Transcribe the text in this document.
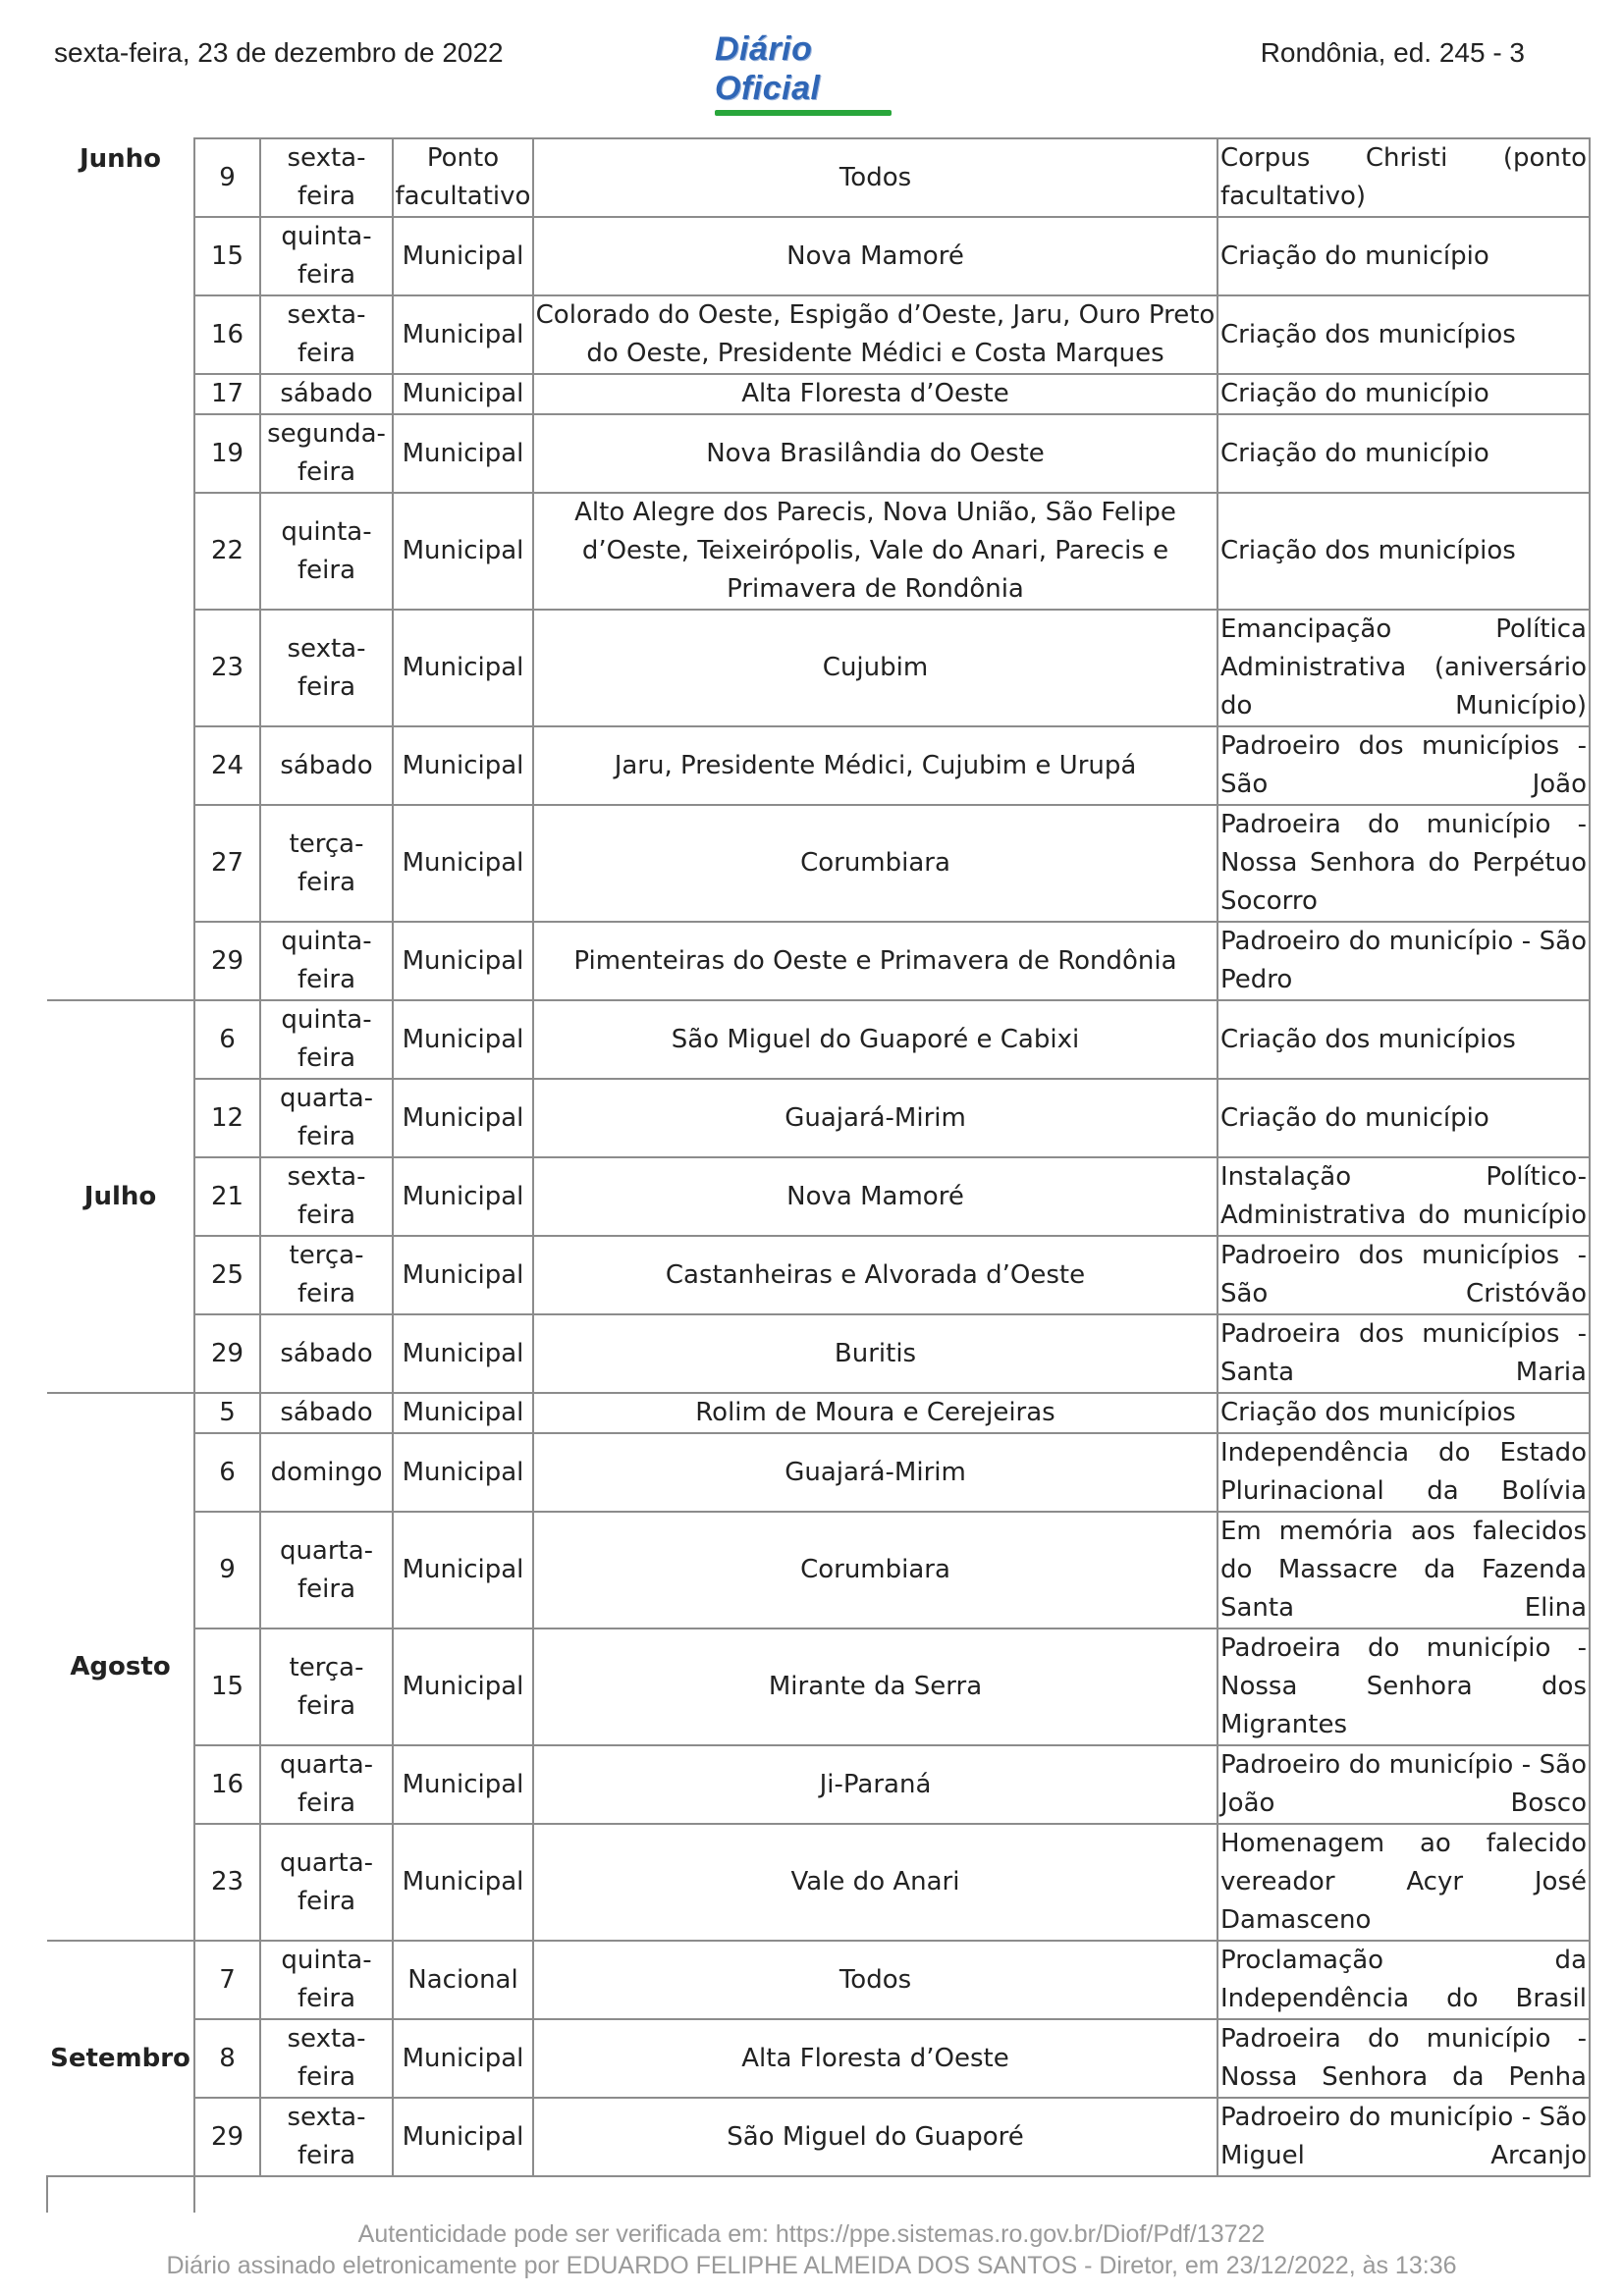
sexta-feira, 23 de dezembro de 2022	Diário Oficial
Rondônia, ed. 245 - 3
Junho	9	sexta-feira	Ponto facultativo	Todos	Corpus Christi (ponto facultativo)
	15	quinta-feira	Municipal	Nova Mamoré	Criação do município
	16	sexta-feira	Municipal	Colorado do Oeste, Espigão d’Oeste, Jaru, Ouro Preto do Oeste, Presidente Médici e Costa Marques	Criação dos municípios
	17	sábado	Municipal	Alta Floresta d’Oeste	Criação do município
	19	segunda-feira	Municipal	Nova Brasilândia do Oeste	Criação do município
	22	quinta-feira	Municipal	Alto Alegre dos Parecis, Nova União, São Felipe d’Oeste, Teixeirópolis, Vale do Anari, Parecis e Primavera de Rondônia	Criação dos municípios
	23	sexta-feira	Municipal	Cujubim	Emancipação Política Administrativa (aniversário do Município)
	24	sábado	Municipal	Jaru, Presidente Médici, Cujubim e Urupá	Padroeiro dos municípios - São João
	27	terça-feira	Municipal	Corumbiara	Padroeira do município - Nossa Senhora do Perpétuo Socorro
	29	quinta-feira	Municipal	Pimenteiras do Oeste e Primavera de Rondônia	Padroeiro do município - São Pedro
Julho	6	quinta-feira	Municipal	São Miguel do Guaporé e Cabixi	Criação dos municípios
	12	quarta-feira	Municipal	Guajará-Mirim	Criação do município
	21	sexta-feira	Municipal	Nova Mamoré	Instalação Político-Administrativa do município
	25	terça-feira	Municipal	Castanheiras e Alvorada d’Oeste	Padroeiro dos municípios - São Cristóvão
	29	sábado	Municipal	Buritis	Padroeira dos municípios - Santa Maria
Agosto	5	sábado	Municipal	Rolim de Moura e Cerejeiras	Criação dos municípios
	6	domingo	Municipal	Guajará-Mirim	Independência do Estado Plurinacional da Bolívia
	9	quarta-feira	Municipal	Corumbiara	Em memória aos falecidos do Massacre da Fazenda Santa Elina
	15	terça-feira	Municipal	Mirante da Serra	Padroeira do município - Nossa Senhora dos Migrantes
	16	quarta-feira	Municipal	Ji-Paraná	Padroeiro do município - São João Bosco
	23	quarta-feira	Municipal	Vale do Anari	Homenagem ao falecido vereador Acyr José Damasceno
Setembro	7	quinta-feira	Nacional	Todos	Proclamação da Independência do Brasil
	8	sexta-feira	Municipal	Alta Floresta d’Oeste	Padroeira do município - Nossa Senhora da Penha
	29	sexta-feira	Municipal	São Miguel do Guaporé	Padroeiro do município - São Miguel Arcanjo

Autenticidade pode ser verificada em: https://ppe.sistemas.ro.gov.br/Diof/Pdf/13722
Diário assinado eletronicamente por EDUARDO FELIPHE ALMEIDA DOS SANTOS - Diretor, em 23/12/2022, às 13:36
